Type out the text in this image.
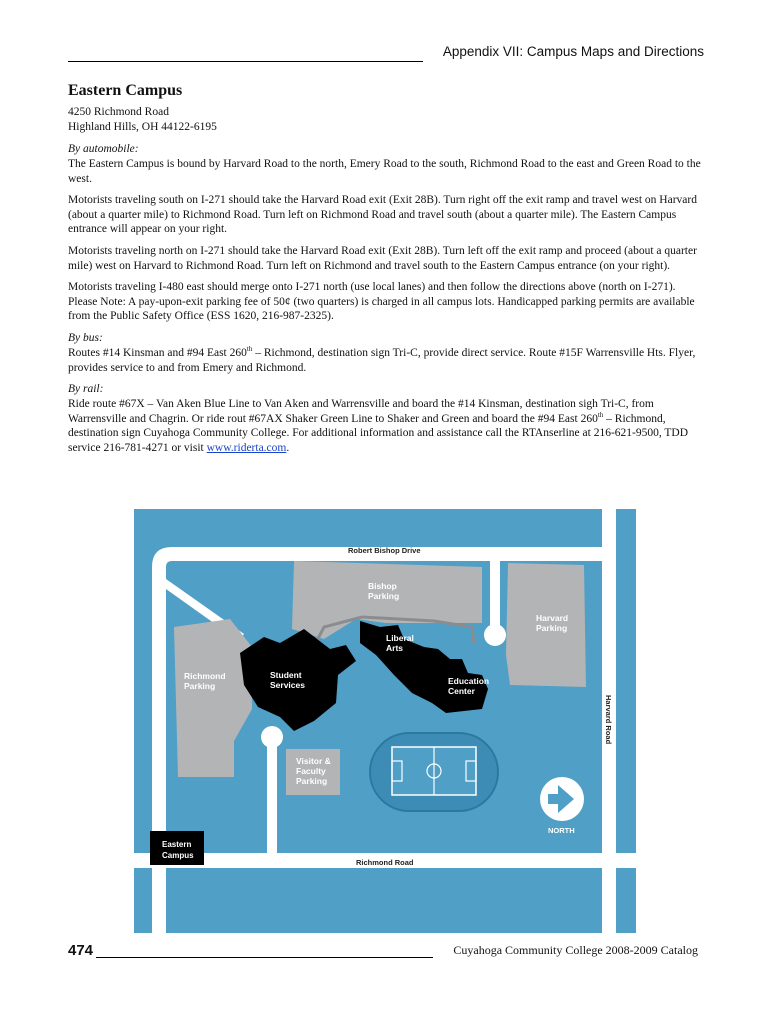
Appendix VII: Campus Maps and Directions
Eastern Campus
4250 Richmond Road
Highland Hills, OH 44122-6195
By automobile:

The Eastern Campus is bound by Harvard Road to the north, Emery Road to the south, Richmond Road to the east and Green Road to the west.

Motorists traveling south on I-271 should take the Harvard Road exit (Exit 28B). Turn right off the exit ramp and travel west on Harvard (about a quarter mile) to Richmond Road. Turn left on Richmond Road and travel south (about a quarter mile). The Eastern Campus entrance will appear on your right.

Motorists traveling north on I-271 should take the Harvard Road exit (Exit 28B). Turn left off the exit ramp and proceed (about a quarter mile) west on Harvard to Richmond Road. Turn left on Richmond and travel south to the Eastern Campus entrance (on your right).

Motorists traveling I-480 east should merge onto I-271 north (use local lanes) and then follow the directions above (north on I-271). Please Note: A pay-upon-exit parking fee of 50¢ (two quarters) is charged in all campus lots. Handicapped parking permits are available from the Public Safety Office (ESS 1620, 216-987-2325).

By bus:

Routes #14 Kinsman and #94 East 260th – Richmond, destination sign Tri-C, provide direct service. Route #15F Warrensville Hts. Flyer, provides service to and from Emery and Richmond.

By rail:

Ride route #67X – Van Aken Blue Line to Van Aken and Warrensville and board the #14 Kinsman, destination sigh Tri-C, from Warrensville and Chagrin. Or ride rout #67AX Shaker Green Line to Shaker and Green and board the #94 East 260th – Richmond, destination sign Cuyahoga Community College. For additional information and assistance call the RTAnserline at 216-621-9500, TDD service 216-781-4271 or visit www.riderta.com.

Robert Bishop Drive
Bishop
Parking
Harvard
Parking
Richmond
Parking
Student
Services
Liberal
Arts
Education
Center
Visitor &
Faculty
Parking
Harvard Road
Richmond Road
NORTH
Eastern
Campus
474	Cuyahoga Community College 2008-2009 Catalog
